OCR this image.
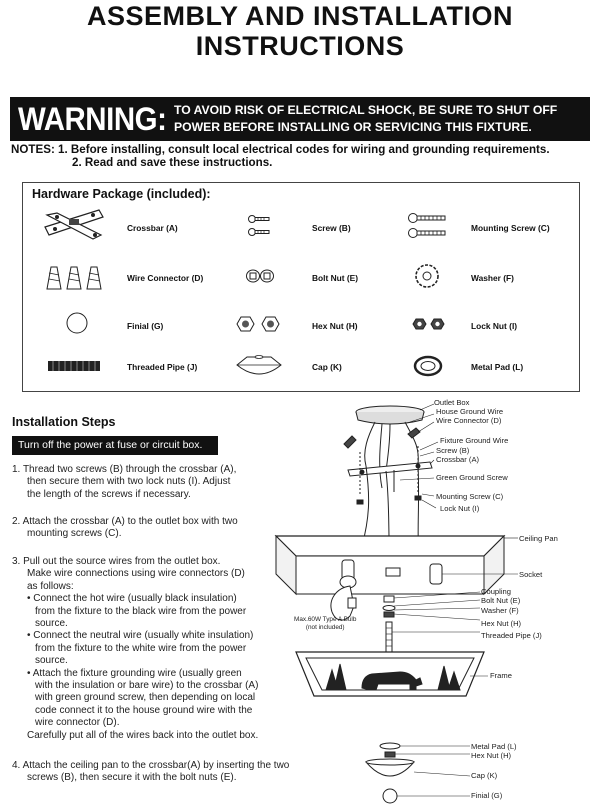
ASSEMBLY AND INSTALLATION
INSTRUCTIONS
WARNING: TO AVOID RISK OF ELECTRICAL SHOCK, BE SURE TO SHUT OFF
POWER BEFORE INSTALLING OR SERVICING THIS FIXTURE.
NOTES: 1. Before installing, consult local electrical codes for wiring and grounding requirements.
2. Read and save these instructions.
Hardware Package (included):
Crossbar (A)	Screw (B)	Mounting Screw (C)
Wire Connector (D)	Bolt Nut (E)	Washer (F)
Finial (G)	Hex Nut (H)	Lock Nut (I)
Threaded Pipe (J)	Cap (K)	Metal Pad (L)
Installation Steps
Turn off the power at fuse or circuit box.
1. Thread two screws (B) through the crossbar (A),
then secure them with two lock nuts (I). Adjust
the length of the screws if necessary.
2. Attach the crossbar (A) to the outlet box with two
mounting screws (C).
3. Pull out the source wires from the outlet box.
Make wire connections using wire connectors (D)
as follows:
• Connect the hot wire (usually black insulation)
from the fixture to the black wire from the power
source.
• Connect the neutral wire (usually white insulation)
from the fixture to the white wire from the power
source.
• Attach the fixture grounding wire (usually green
with the insulation or bare wire) to the crossbar (A)
with green ground screw, then depending on local
code connect it to the house ground wire with the
wire connector (D).
Carefully put all of the wires back into the outlet box.
4. Attach the ceiling pan to the crossbar(A) by inserting the two
screws (B), then secure it with the bolt nuts (E).
Outlet Box
House Ground Wire
Wire Connector (D)
Fixture Ground Wire
Screw (B)
Crossbar (A)
Green Ground Screw
Mounting Screw (C)
Lock Nut (I)
Ceiling Pan
Socket
Coupling
Bolt Nut (E)
Washer (F)
Hex Nut (H)
Threaded Pipe (J)
Frame
Metal Pad (L)
Hex Nut (H)
Cap (K)
Finial (G)
Max.60W Type A Bulb
(not included)
